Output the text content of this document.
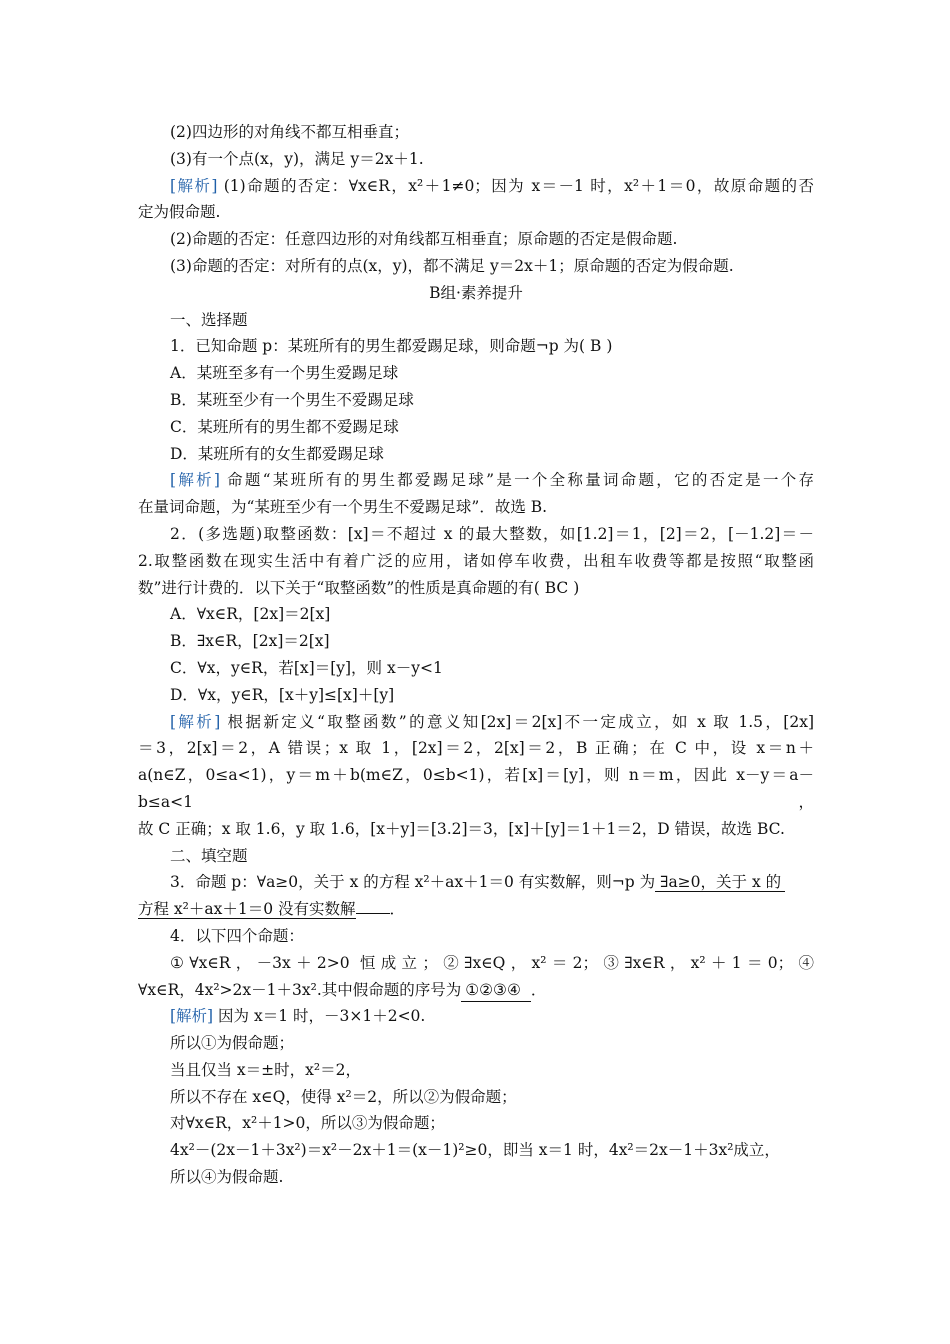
(2)四边形的对角线不都互相垂直；
(3)有一个点(x，y)，满足 y＝2x＋1.
[解析] (1)命题的否定：∀x∈R，x²＋1≠0；因为 x＝－1 时，x²＋1＝0，故原命题的否
定为假命题.
(2)命题的否定：任意四边形的对角线都互相垂直；原命题的否定是假命题.
(3)命题的否定：对所有的点(x，y)，都不满足 y＝2x＋1；原命题的否定为假命题.
B组·素养提升
一、选择题
1．已知命题 p：某班所有的男生都爱踢足球，则命题¬p 为( B )
A．某班至多有一个男生爱踢足球
B．某班至少有一个男生不爱踢足球
C．某班所有的男生都不爱踢足球
D．某班所有的女生都爱踢足球
[解析] 命题“某班所有的男生都爱踢足球”是一个全称量词命题，它的否定是一个存
在量词命题，为“某班至少有一个男生不爱踢足球”．故选 B.
2．(多选题)取整函数：[x]＝不超过 x 的最大整数，如[1.2]＝1，[2]＝2，[－1.2]＝－
2.取整函数在现实生活中有着广泛的应用，诸如停车收费，出租车收费等都是按照“取整函
数”进行计费的．以下关于“取整函数”的性质是真命题的有( BC )
A．∀x∈R，[2x]＝2[x]
B．∃x∈R，[2x]＝2[x]
C．∀x，y∈R，若[x]＝[y]，则 x－y<1
D．∀x，y∈R，[x＋y]≤[x]＋[y]
[解析] 根据新定义“取整函数”的意义知[2x]＝2[x]不一定成立，如 x 取 1.5，[2x]
＝3，2[x]＝2，A 错误；x 取 1，[2x]＝2，2[x]＝2，B 正确；在 C 中，设 x＝n＋
a(n∈Z，0≤a<1)，y＝m＋b(m∈Z，0≤b<1)，若[x]＝[y]，则 n＝m，因此 x－y＝a－b≤a<1，
故 C 正确；x 取 1.6，y 取 1.6，[x＋y]＝[3.2]＝3，[x]＋[y]＝1＋1＝2，D 错误，故选 BC.
二、填空题
3．命题 p：∀a≥0，关于 x 的方程 x²＋ax＋1＝0 有实数解，则¬p 为 ∃a≥0，关于 x 的
方程 x²＋ax＋1＝0 没有实数解 ．
4．以下四个命题：
①∀x∈R，－3x＋2>0 恒成立；②∃x∈Q，x²＝2；③∃x∈R，x²＋1＝0；④
∀x∈R，4x²>2x－1＋3x².其中假命题的序号为 ①②③④ ．
[解析] 因为 x＝1 时，－3×1＋2<0.
所以①为假命题；
当且仅当 x＝±时，x²＝2，
所以不存在 x∈Q，使得 x²＝2，所以②为假命题；
对∀x∈R，x²＋1>0，所以③为假命题；
4x²－(2x－1＋3x²)＝x²－2x＋1＝(x－1)²≥0，即当 x＝1 时，4x²＝2x－1＋3x²成立，
所以④为假命题.
